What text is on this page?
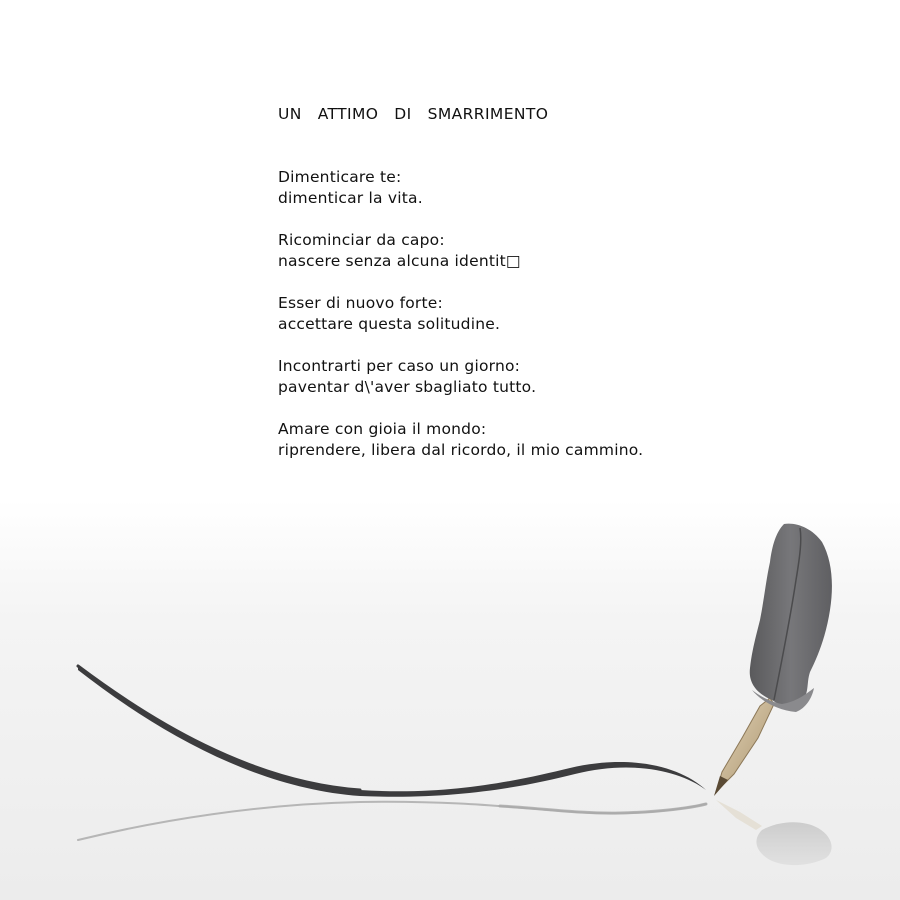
UN   ATTIMO   DI   SMARRIMENTO
Dimenticare te:
dimenticar la vita.
Ricominciar da capo:
nascere senza alcuna identit□
Esser di nuovo forte:
accettare questa solitudine.
Incontrarti per caso un giorno:
paventar d\'aver sbagliato tutto.
Amare con gioia il mondo:
riprendere, libera dal ricordo, il mio cammino.
